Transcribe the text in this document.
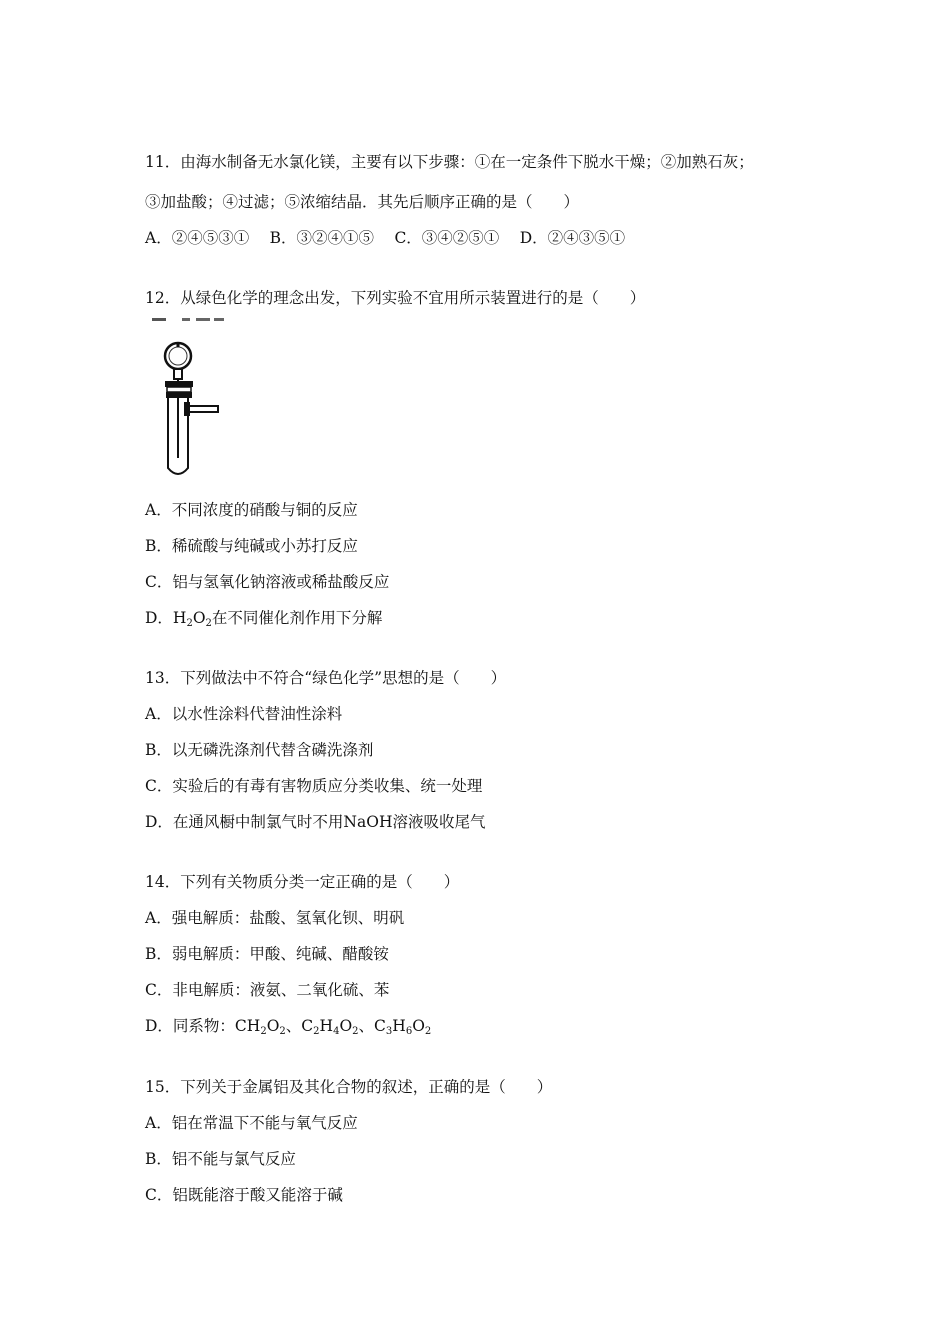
11．由海水制备无水氯化镁，主要有以下步骤：①在一定条件下脱水干燥；②加熟石灰；
③加盐酸；④过滤；⑤浓缩结晶．其先后顺序正确的是（　　）
A．②④⑤③①　 B．③②④①⑤　 C．③④②⑤①　 D．②④③⑤①
12．从绿色化学的理念出发，下列实验不宜用所示装置进行的是（　　）
A．不同浓度的硝酸与铜的反应
B．稀硫酸与纯碱或小苏打反应
C．铝与氢氧化钠溶液或稀盐酸反应
D．$H_2O_2$在不同催化剂作用下分解
13．下列做法中不符合“绿色化学”思想的是（　　）
A．以水性涂料代替油性涂料
B．以无磷洗涤剂代替含磷洗涤剂
C．实验后的有毒有害物质应分类收集、统一处理
D．在通风橱中制氯气时不用NaOH溶液吸收尾气
14．下列有关物质分类一定正确的是（　　）
A．强电解质：盐酸、氢氧化钡、明矾
B．弱电解质：甲酸、纯碱、醋酸铵
C．非电解质：液氨、二氧化硫、苯
D．同系物：$CH_2O_2$、$C_2H_4O_2$、$C_3H_6O_2$
15．下列关于金属铝及其化合物的叙述，正确的是（　　）
A．铝在常温下不能与氧气反应
B．铝不能与氯气反应
C．铝既能溶于酸又能溶于碱
